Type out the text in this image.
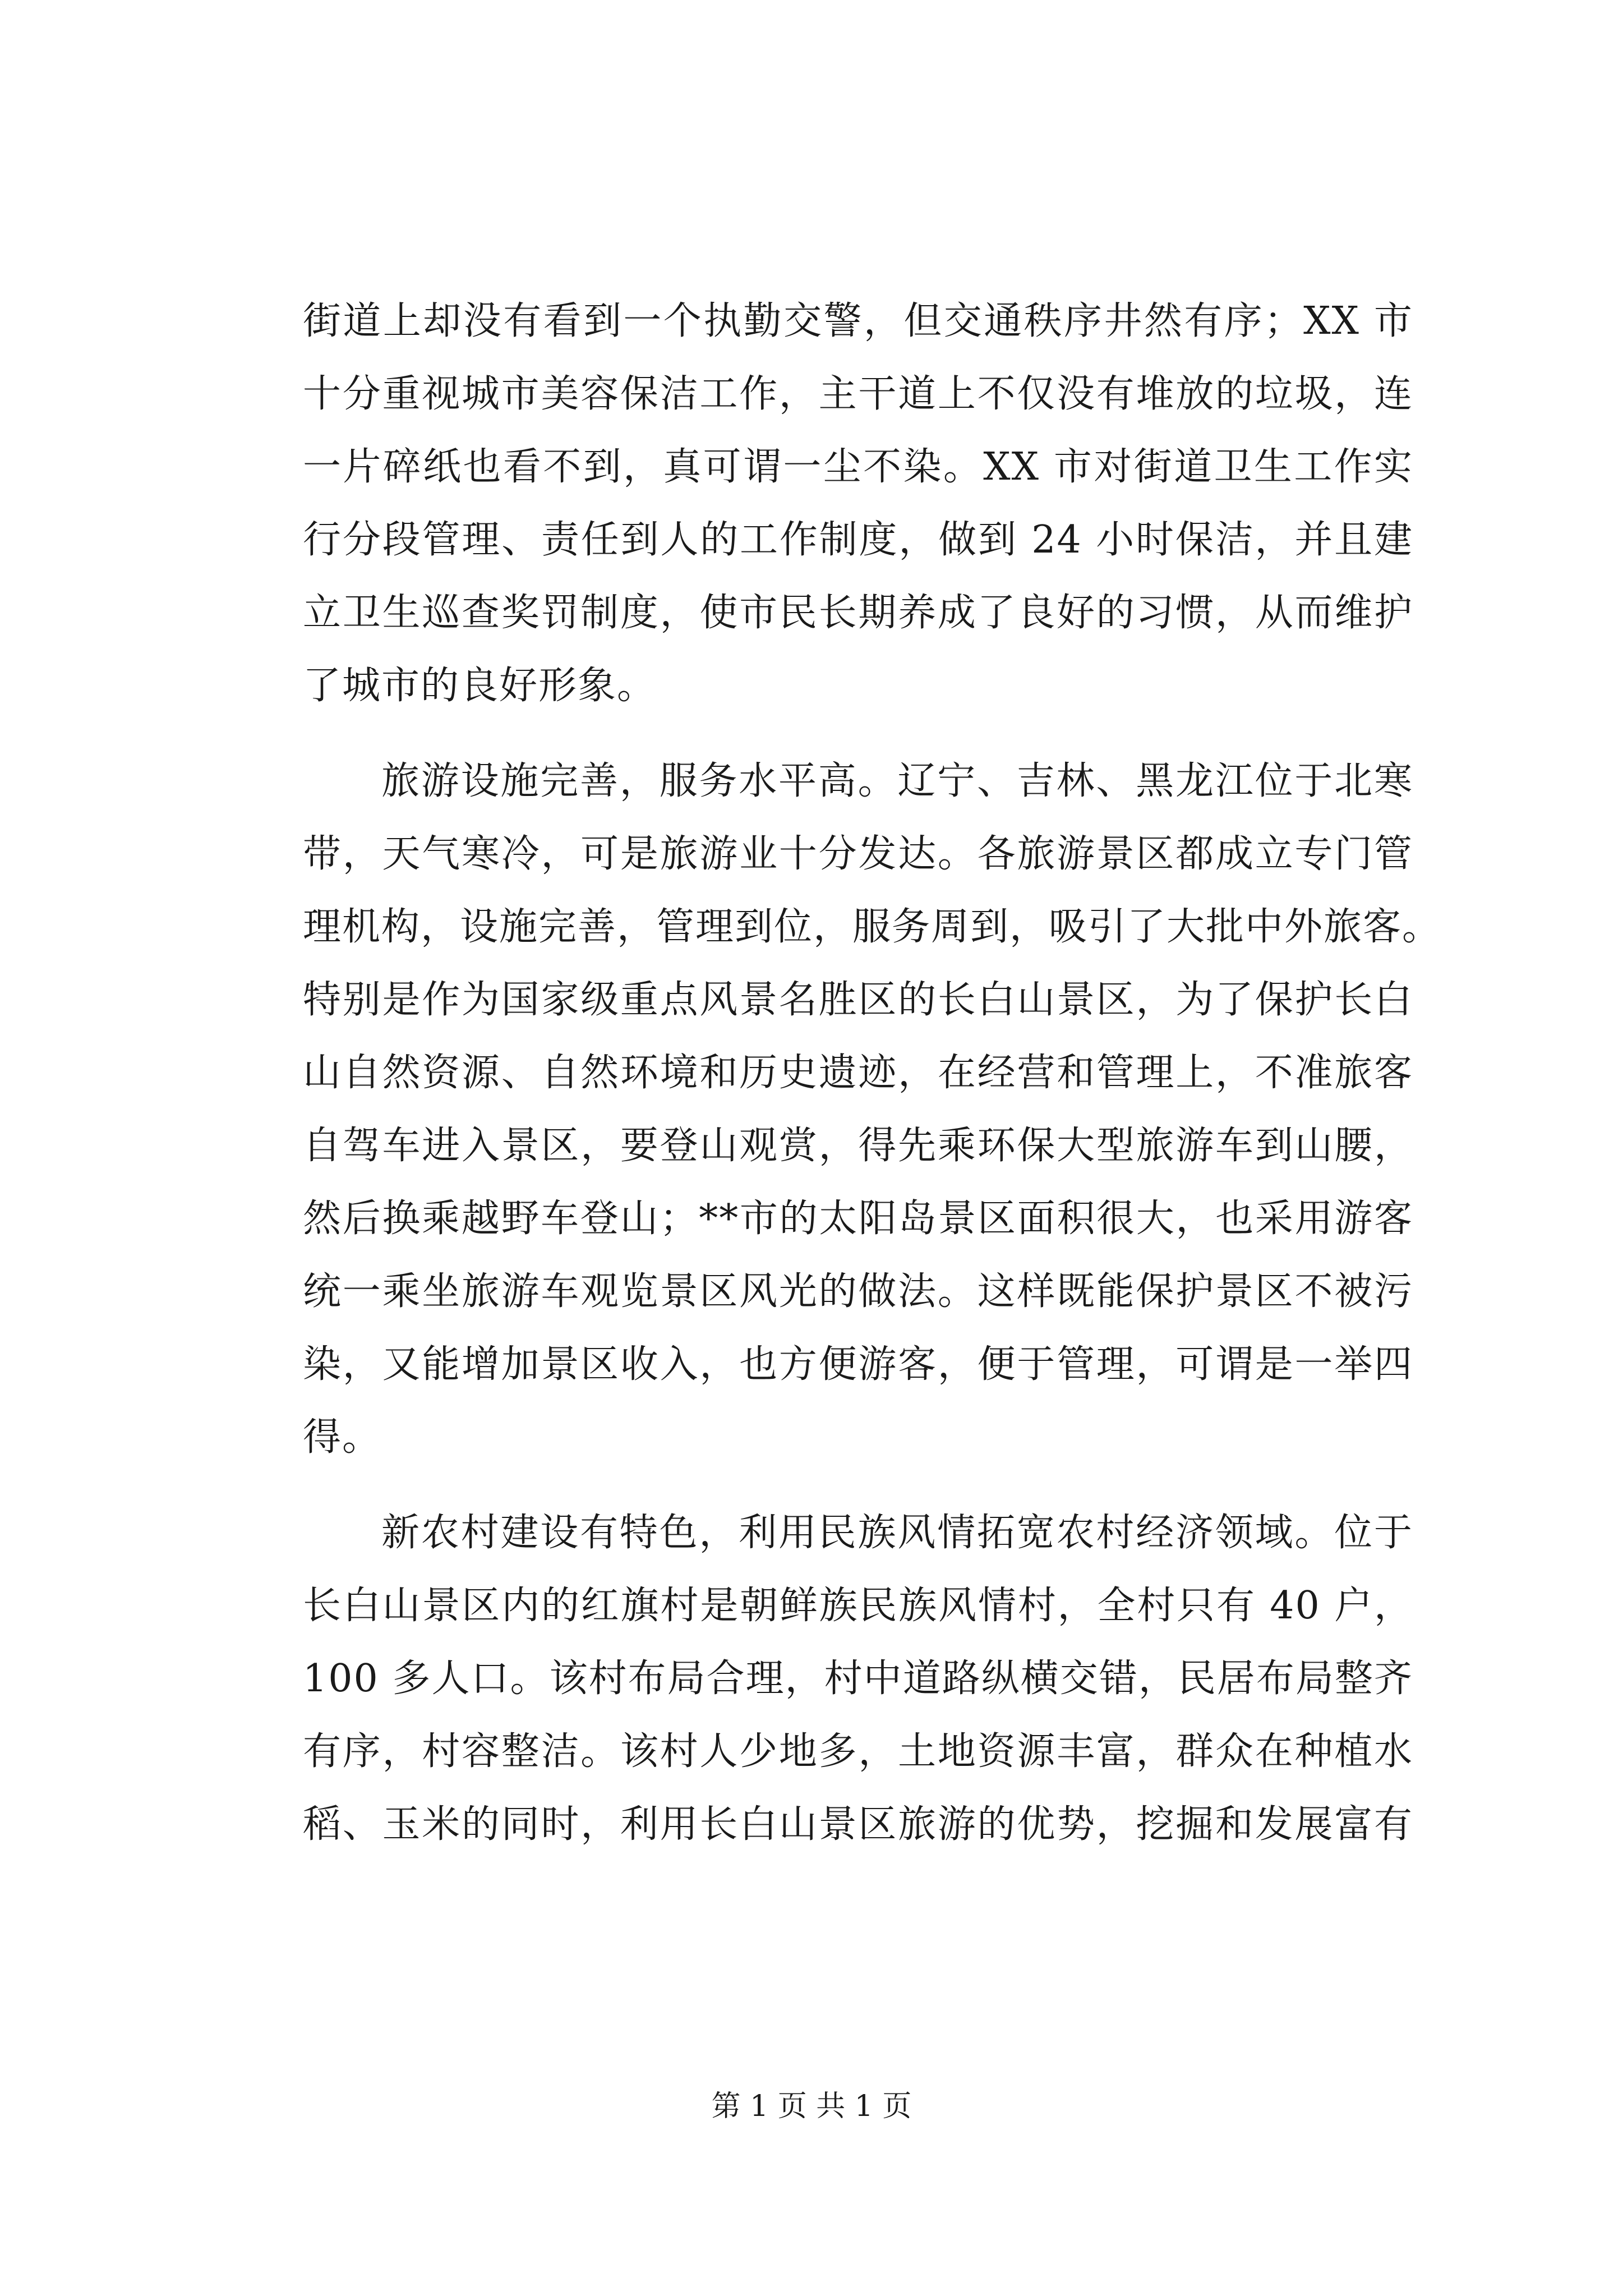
街道上却没有看到一个执勤交警，但交通秩序井然有序；XX 市
十分重视城市美容保洁工作，主干道上不仅没有堆放的垃圾，连
一片碎纸也看不到，真可谓一尘不染。XX 市对街道卫生工作实
行分段管理、责任到人的工作制度，做到 24 小时保洁，并且建
立卫生巡查奖罚制度，使市民长期养成了良好的习惯，从而维护
了城市的良好形象。
旅游设施完善，服务水平高。辽宁、吉林、黑龙江位于北寒
带，天气寒冷，可是旅游业十分发达。各旅游景区都成立专门管
理机构，设施完善，管理到位，服务周到，吸引了大批中外旅客。
特别是作为国家级重点风景名胜区的长白山景区，为了保护长白
山自然资源、自然环境和历史遗迹，在经营和管理上，不准旅客
自驾车进入景区，要登山观赏，得先乘环保大型旅游车到山腰，
然后换乘越野车登山；**市的太阳岛景区面积很大，也采用游客
统一乘坐旅游车观览景区风光的做法。这样既能保护景区不被污
染，又能增加景区收入，也方便游客，便于管理，可谓是一举四
得。
新农村建设有特色，利用民族风情拓宽农村经济领域。位于
长白山景区内的红旗村是朝鲜族民族风情村，全村只有 40 户，
100 多人口。该村布局合理，村中道路纵横交错，民居布局整齐
有序，村容整洁。该村人少地多，土地资源丰富，群众在种植水
稻、玉米的同时，利用长白山景区旅游的优势，挖掘和发展富有
第 1 页 共 1 页
